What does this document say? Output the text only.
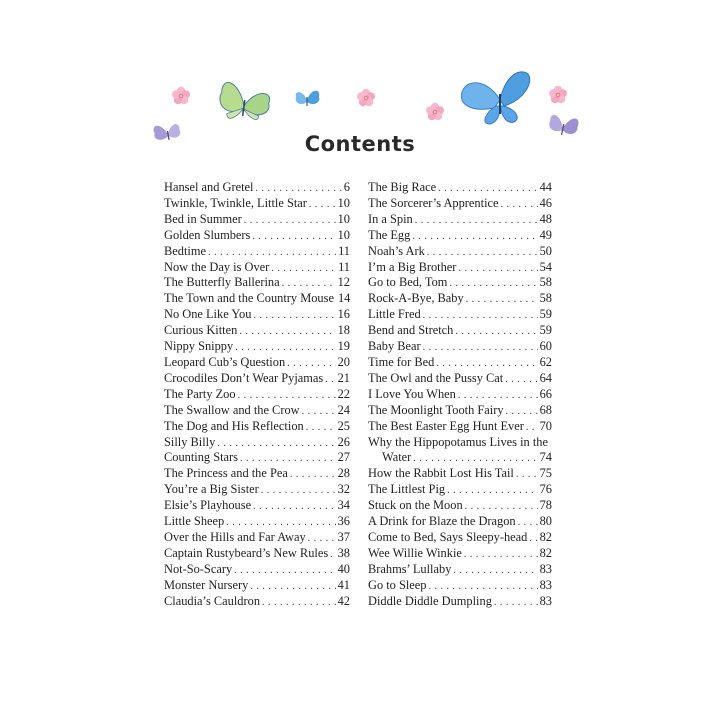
Contents
Hansel and Gretel . . .	6
Twinkle, Twinkle, Little Star . . . 10
Bed in Summer . . .	10
Golden Slumbers . . .	10
Bedtime . . .	11
Now the Day is Over . . .	11
The Butterfly Ballerina . . .	12
The Town and the Country Mouse 14
No One Like You . . .	16
Curious Kitten . . .	18
Nippy Snippy . . .	19
Leopard Cub’s Question . . .	20
Crocodiles Don’t Wear Pyjamas . . . 21
The Party Zoo . . .	22
The Swallow and the Crow . . .	24
The Dog and His Reflection . . .	25
Silly Billy . . .	26
Counting Stars . . .	27
The Princess and the Pea . . .	28
You’re a Big Sister . . .	32
Elsie’s Playhouse . . .	34
Little Sheep . . .	36
Over the Hills and Far Away . . .	37
Captain Rustybeard’s New Rules . . . 38
Not-So-Scary . . .	40
Monster Nursery . . .	41
Claudia’s Cauldron . . .	42
The Big Race . . .	44
The Sorcerer’s Apprentice . . .	46
In a Spin . . .	48
The Egg . . .	49
Noah’s Ark . . .	50
I’m a Big Brother . . .	54
Go to Bed, Tom . . .	58
Rock-A-Bye, Baby . . .	58
Little Fred . . .	59
Bend and Stretch . . .	59
Baby Bear . . .	60
Time for Bed . . .	62
The Owl and the Pussy Cat . . .	64
I Love You When . . .	66
The Moonlight Tooth Fairy . . .	68
The Best Easter Egg Hunt Ever . . . 70
Why the Hippopotamus Lives in the
Water . . .	74
How the Rabbit Lost His Tail . . . 75
The Littlest Pig . . .	76
Stuck on the Moon . . .	78
A Drink for Blaze the Dragon . . . 80
Come to Bed, Says Sleepy-head . . . 82
Wee Willie Winkie . . .	82
Brahms’ Lullaby . . .	83
Go to Sleep . . .	83
Diddle Diddle Dumpling . . .	83
